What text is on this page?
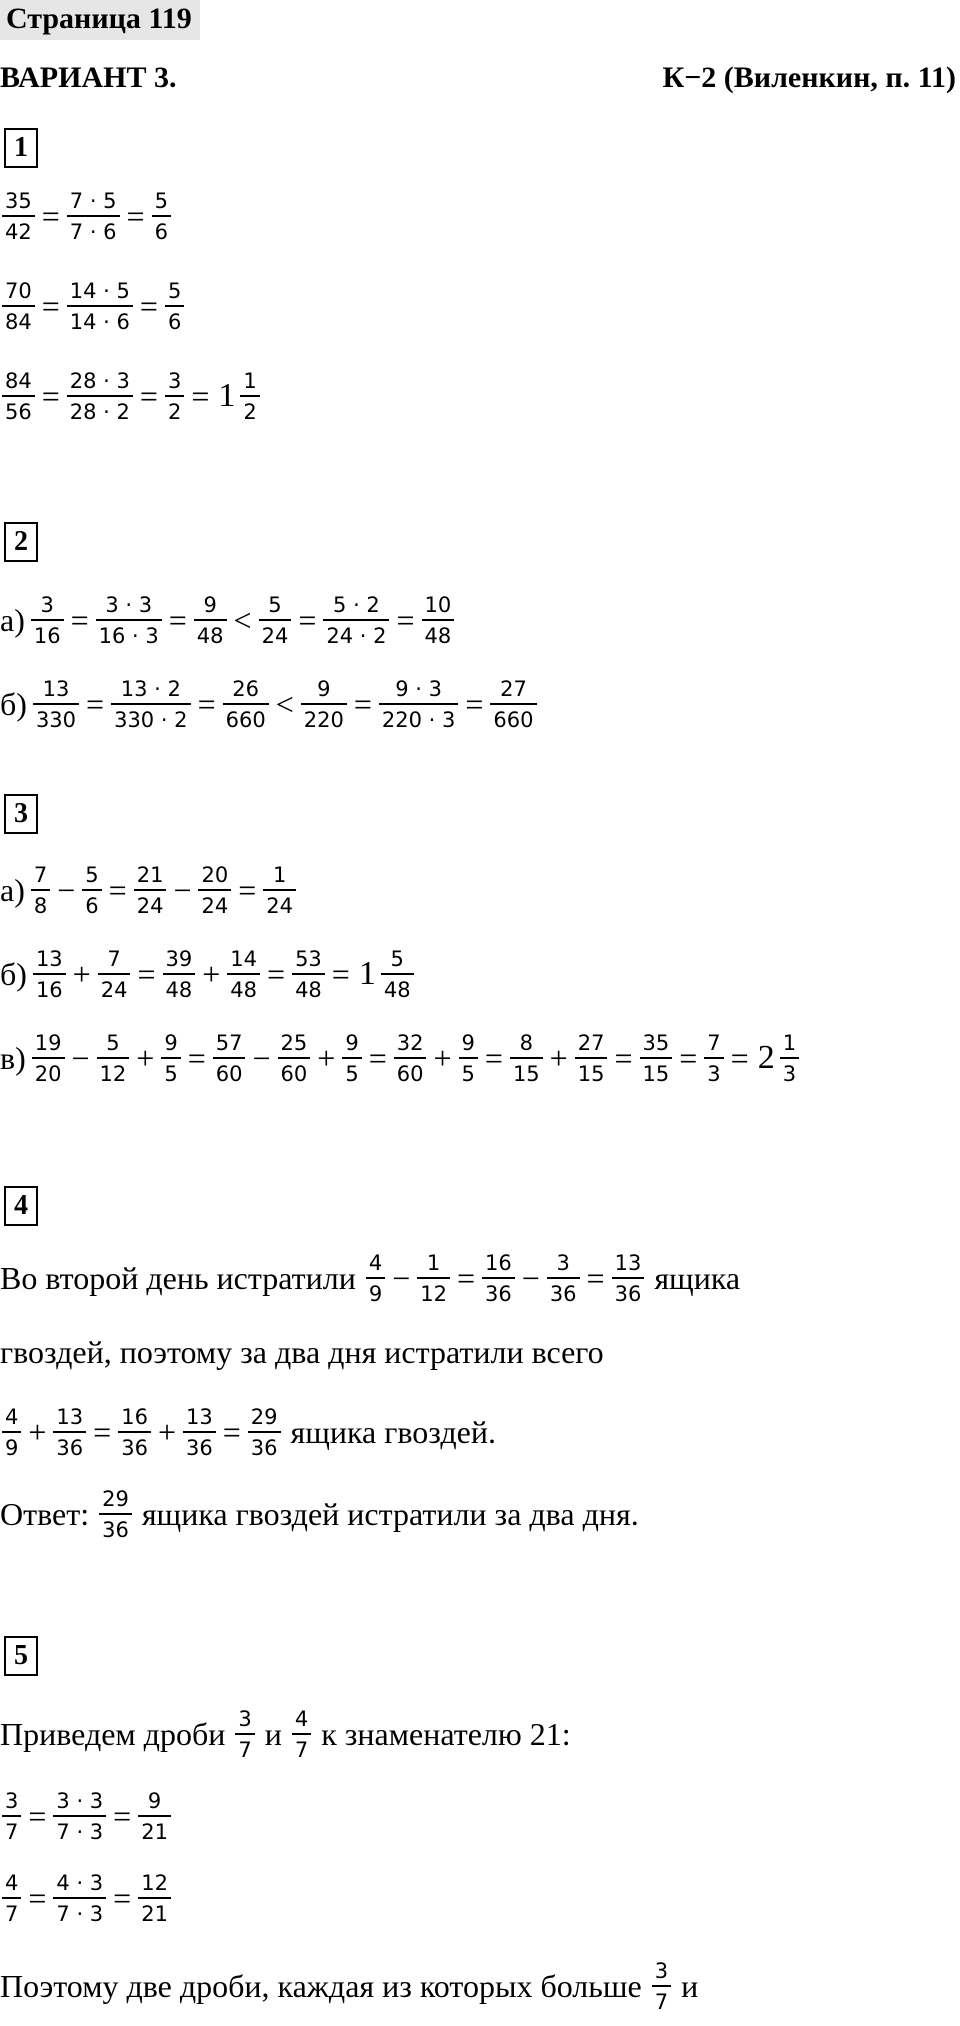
Страница 119
ВАРИАНТ 3.	К−2 (Виленкин, п. 11)
1
$\frac{35}{42} = \frac{7 \cdot 5}{7 \cdot 6} = \frac{5}{6}$
$\frac{70}{84} = \frac{14 \cdot 5}{14 \cdot 6} = \frac{5}{6}$
$\frac{84}{56} = \frac{28 \cdot 3}{28 \cdot 2} = \frac{3}{2} = 1 \frac{1}{2}$
2
$а) \frac{3}{16} = \frac{3 \cdot 3}{16 \cdot 3} = \frac{9}{48} < \frac{5}{24} = \frac{5 \cdot 2}{24 \cdot 2} = \frac{10}{48}$
$б) \frac{13}{330} = \frac{13 \cdot 2}{330 \cdot 2} = \frac{26}{660} < \frac{9}{220} = \frac{9 \cdot 3}{220 \cdot 3} = \frac{27}{660}$
3
$а) \frac{7}{8} - \frac{5}{6} = \frac{21}{24} - \frac{20}{24} = \frac{1}{24}$
$б) \frac{13}{16} + \frac{7}{24} = \frac{39}{48} + \frac{14}{48} = \frac{53}{48} = 1 \frac{5}{48}$
$в) \frac{19}{20} - \frac{5}{12} + \frac{9}{5} = \frac{57}{60} - \frac{25}{60} + \frac{9}{5} = \frac{32}{60} + \frac{9}{5} = \frac{8}{15} + \frac{27}{15} = \frac{35}{15} = \frac{7}{3} = 2 \frac{1}{3}$
4
Во второй день истратили $\frac{4}{9} - \frac{1}{12} = \frac{16}{36} - \frac{3}{36} = \frac{13}{36}$ ящика
гвоздей, поэтому за два дня истратили всего
$\frac{4}{9} + \frac{13}{36} = \frac{16}{36} + \frac{13}{36} = \frac{29}{36}$ ящика гвоздей.
Ответ: $\frac{29}{36}$ ящика гвоздей истратили за два дня.
5
Приведем дроби $\frac{3}{7}$ и $\frac{4}{7}$ к знаменателю 21:
$\frac{3}{7} = \frac{3 \cdot 3}{7 \cdot 3} = \frac{9}{21}$
$\frac{4}{7} = \frac{4 \cdot 3}{7 \cdot 3} = \frac{12}{21}$
Поэтому две дроби, каждая из которых больше $\frac{3}{7}$ и
